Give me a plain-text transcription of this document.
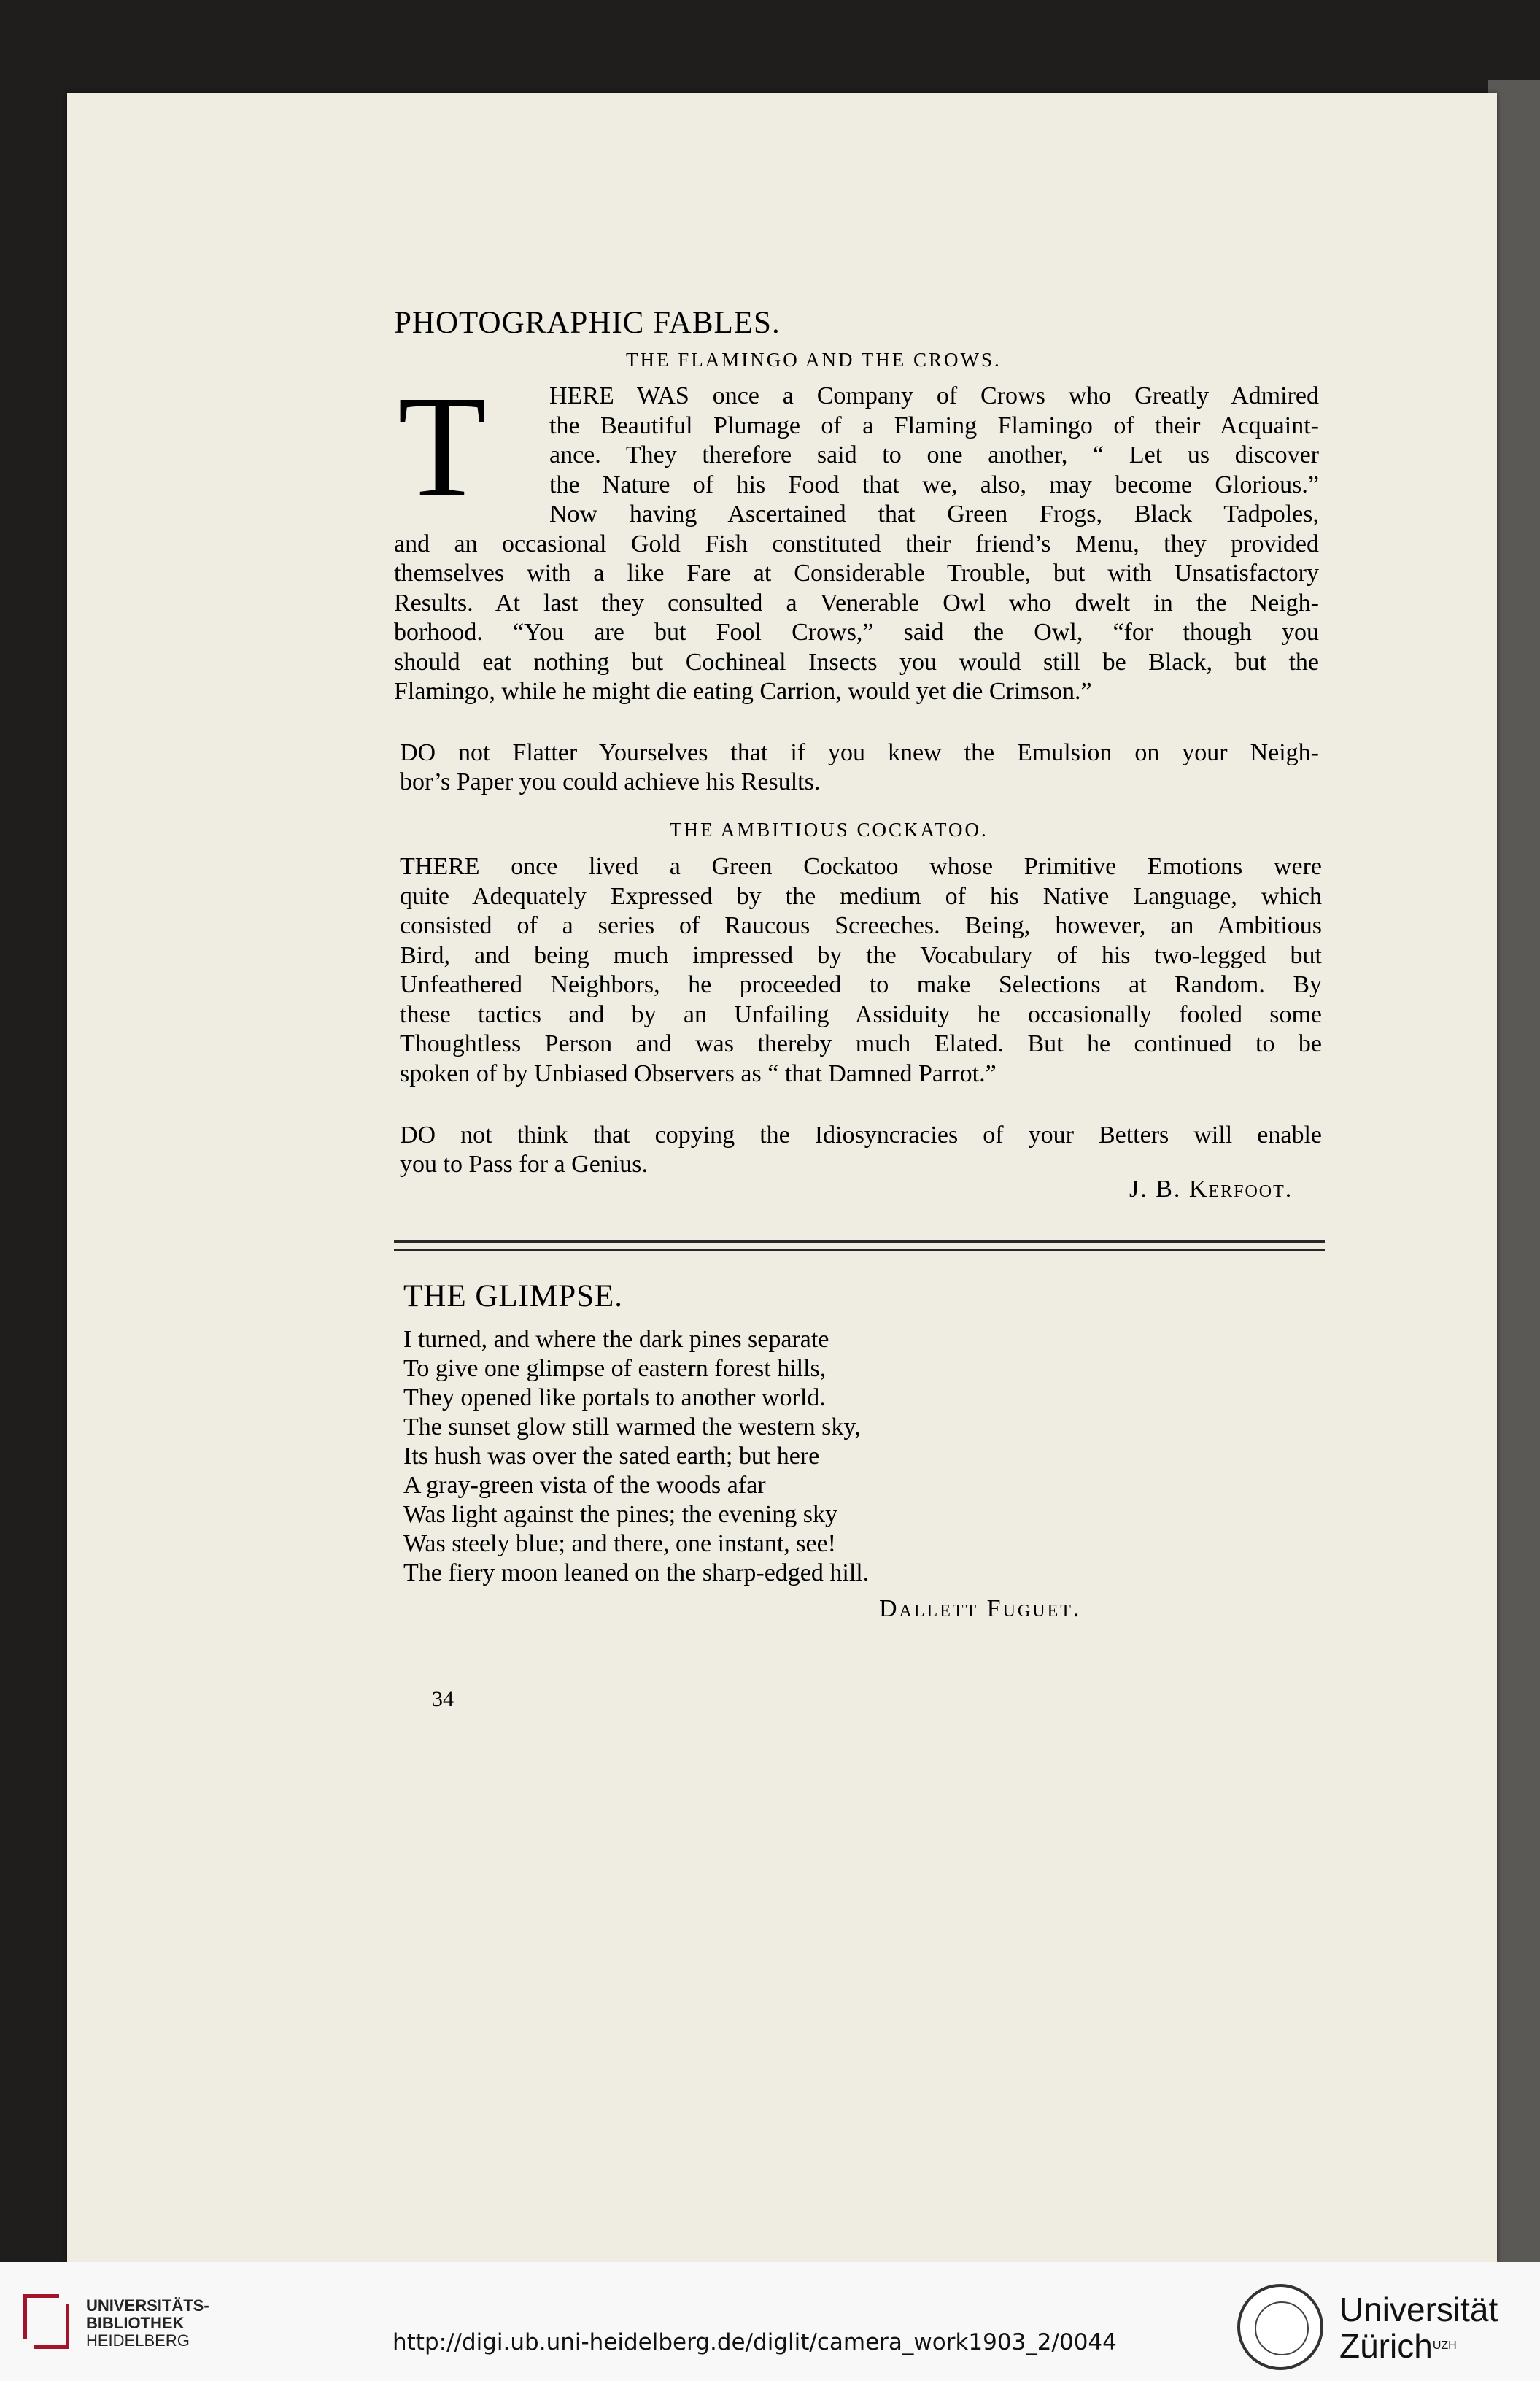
PHOTOGRAPHIC FABLES.
THE FLAMINGO AND THE CROWS.
T	HERE WAS once a Company of Crows who Greatly Admired
the Beautiful Plumage of a Flaming Flamingo of their Acquaint-
ance. They therefore said to one another, “ Let us discover
the Nature of his Food that we, also, may become Glorious.”
Now having Ascertained that Green Frogs, Black Tadpoles,
and an occasional Gold Fish constituted their friend’s Menu, they provided
themselves with a like Fare at Considerable Trouble, but with Unsatisfactory
Results. At last they consulted a Venerable Owl who dwelt in the Neigh-
borhood. “You are but Fool Crows,” said the Owl, “for though you
should eat nothing but Cochineal Insects you would still be Black, but the
Flamingo, while he might die eating Carrion, would yet die Crimson.”
DO not Flatter Yourselves that if you knew the Emulsion on your Neigh-
bor’s Paper you could achieve his Results.
THE AMBITIOUS COCKATOO.
THERE once lived a Green Cockatoo whose Primitive Emotions were
quite Adequately Expressed by the medium of his Native Language, which
consisted of a series of Raucous Screeches. Being, however, an Ambitious
Bird, and being much impressed by the Vocabulary of his two-legged but
Unfeathered Neighbors, he proceeded to make Selections at Random. By
these tactics and by an Unfailing Assiduity he occasionally fooled some
Thoughtless Person and was thereby much Elated. But he continued to be
spoken of by Unbiased Observers as “ that Damned Parrot.”
DO not think that copying the Idiosyncracies of your Betters will enable
you to Pass for a Genius.
J. B. Kerfoot.
THE GLIMPSE.
I turned, and where the dark pines separate
To give one glimpse of eastern forest hills,
They opened like portals to another world.
The sunset glow still warmed the western sky,
Its hush was over the sated earth; but here
A gray-green vista of the woods afar
Was light against the pines; the evening sky
Was steely blue; and there, one instant, see!
The fiery moon leaned on the sharp-edged hill.
Dallett Fuguet.
34
UNIVERSITÄTS-
BIBLIOTHEK
HEIDELBERG	http://digi.ub.uni-heidelberg.de/diglit/camera_work1903_2/0044
Universität
Zürich$^{UZH}$
